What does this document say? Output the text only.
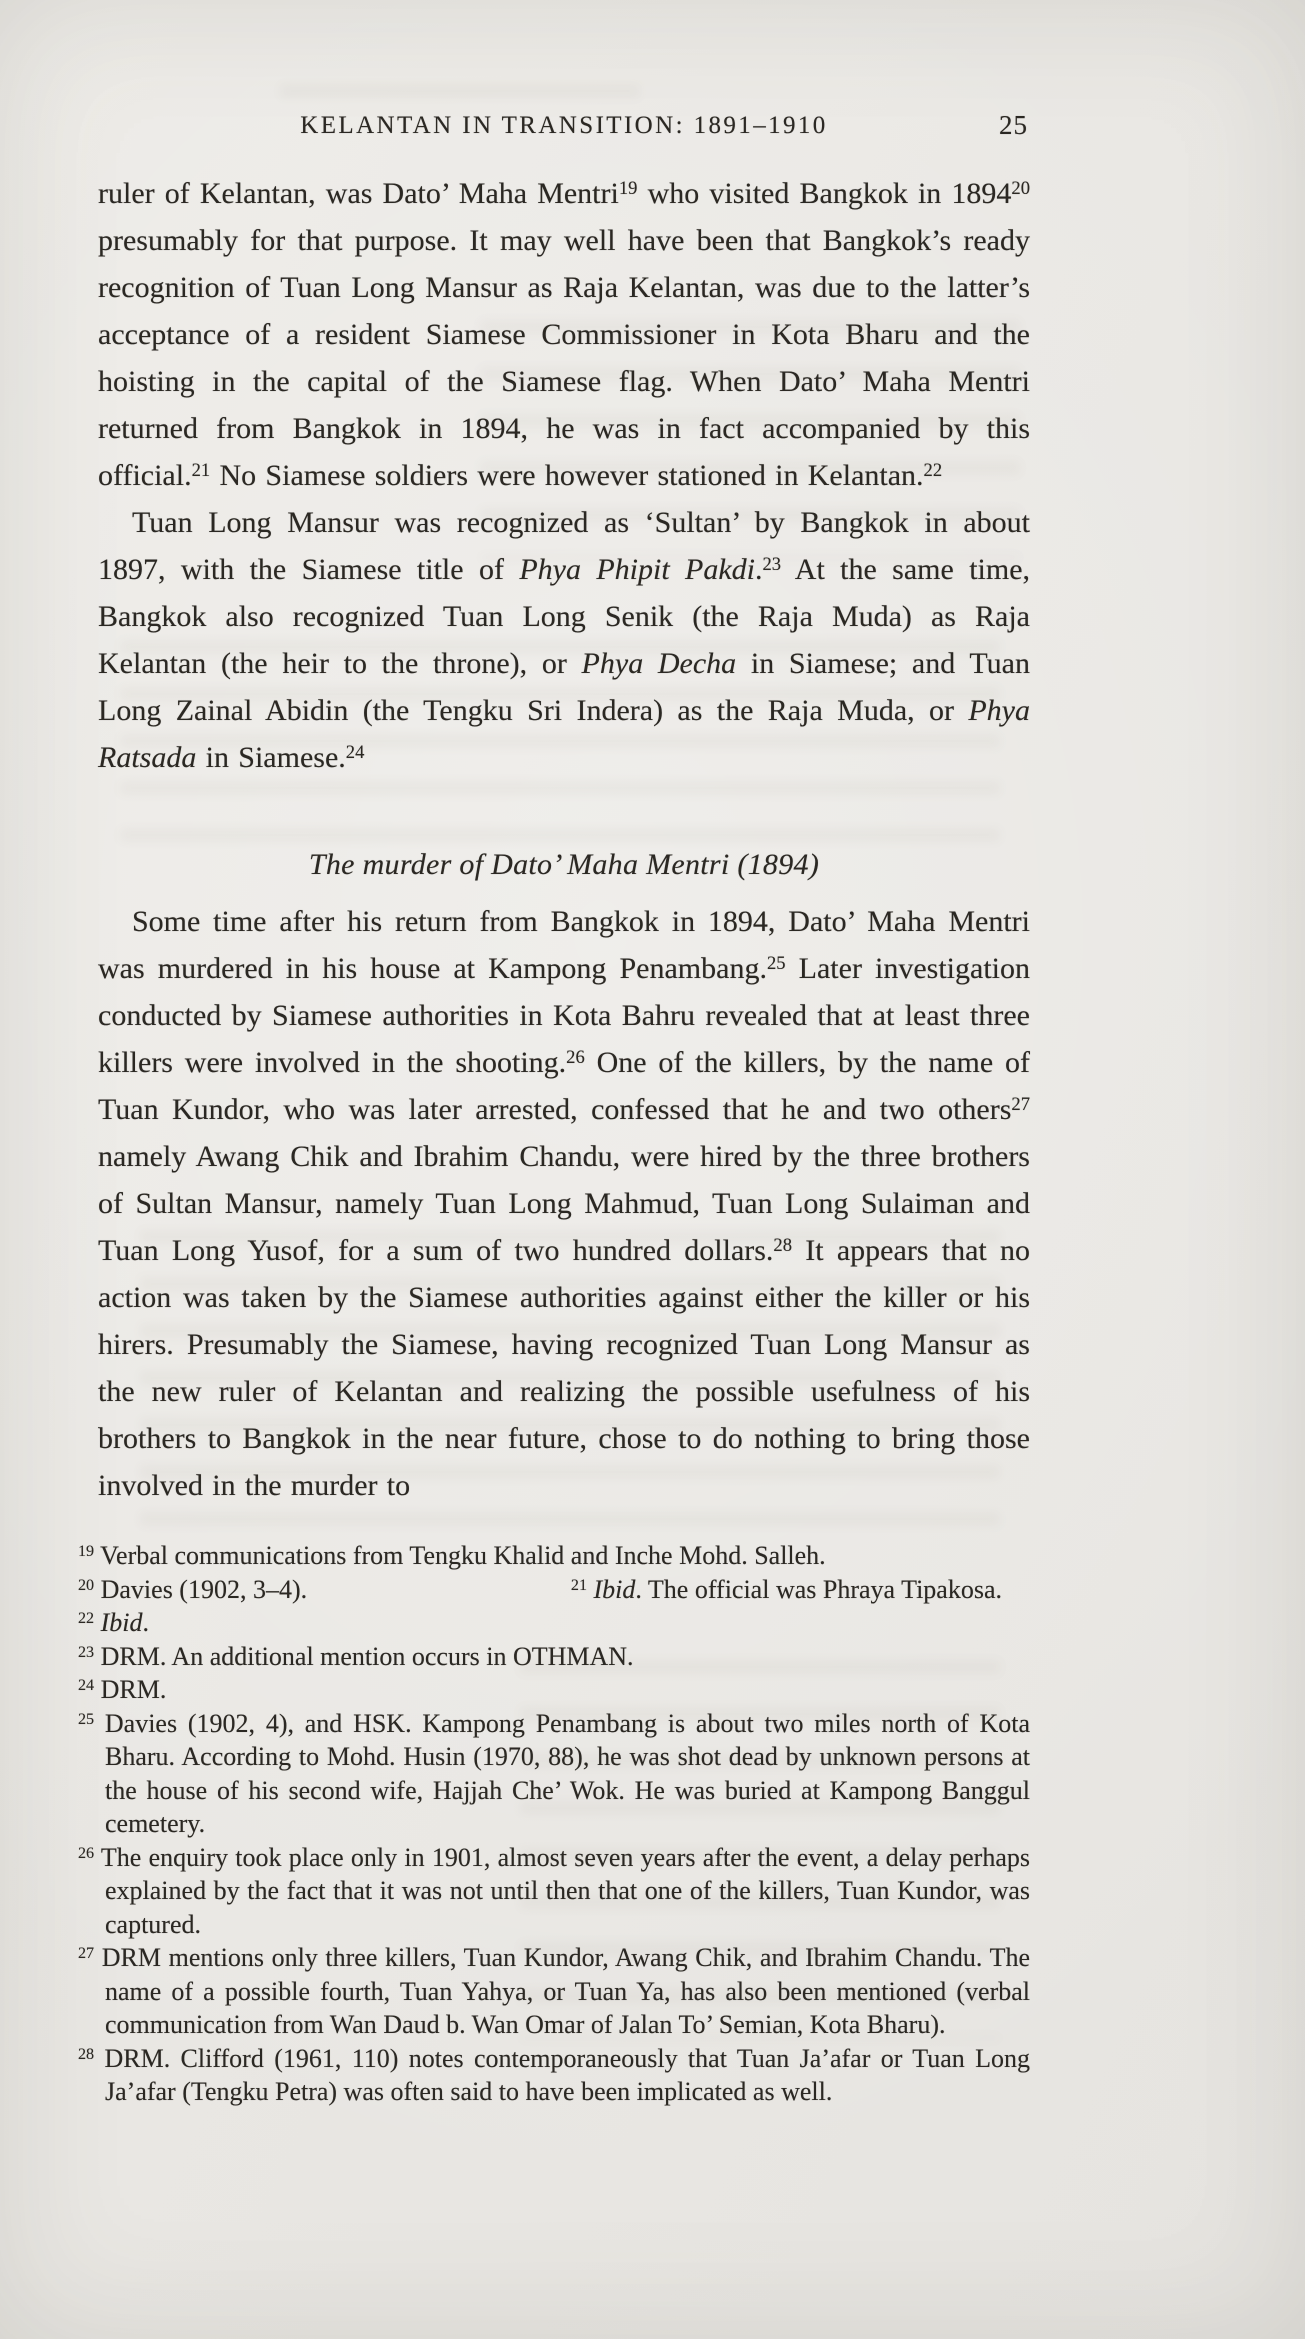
KELANTAN IN TRANSITION: 1891–1910	25

ruler of Kelantan, was Dato’ Maha Mentri$^{19}$ who visited Bangkok in 1894$^{20}$ presumably for that purpose. It may well have been that Bangkok’s ready recognition of Tuan Long Mansur as Raja Kelantan, was due to the latter’s acceptance of a resident Siamese Commissioner in Kota Bharu and the hoisting in the capital of the Siamese flag. When Dato’ Maha Mentri returned from Bangkok in 1894, he was in fact accompanied by this official.$^{21}$ No Siamese soldiers were however stationed in Kelantan.$^{22}$

Tuan Long Mansur was recognized as ‘Sultan’ by Bangkok in about 1897, with the Siamese title of Phya Phipit Pakdi.$^{23}$ At the same time, Bangkok also recognized Tuan Long Senik (the Raja Muda) as Raja Kelantan (the heir to the throne), or Phya Decha in Siamese; and Tuan Long Zainal Abidin (the Tengku Sri Indera) as the Raja Muda, or Phya Ratsada in Siamese.$^{24}$

The murder of Dato’ Maha Mentri (1894)

Some time after his return from Bangkok in 1894, Dato’ Maha Mentri was murdered in his house at Kampong Penambang.$^{25}$ Later investigation conducted by Siamese authorities in Kota Bahru revealed that at least three killers were involved in the shooting.$^{26}$ One of the killers, by the name of Tuan Kundor, who was later arrested, confessed that he and two others$^{27}$ namely Awang Chik and Ibrahim Chandu, were hired by the three brothers of Sultan Mansur, namely Tuan Long Mahmud, Tuan Long Sulaiman and Tuan Long Yusof, for a sum of two hundred dollars.$^{28}$ It appears that no action was taken by the Siamese authorities against either the killer or his hirers. Presumably the Siamese, having recognized Tuan Long Mansur as the new ruler of Kelantan and realizing the possible usefulness of his brothers to Bangkok in the near future, chose to do nothing to bring those involved in the murder to

$^{19}$ Verbal communications from Tengku Khalid and Inche Mohd. Salleh.
$^{20}$ Davies (1902, 3–4).	$^{21}$ Ibid. The official was Phraya Tipakosa.
$^{22}$ Ibid.
$^{23}$ DRM. An additional mention occurs in OTHMAN.
$^{24}$ DRM.
$^{25}$ Davies (1902, 4), and HSK. Kampong Penambang is about two miles north of Kota Bharu. According to Mohd. Husin (1970, 88), he was shot dead by unknown persons at the house of his second wife, Hajjah Che’ Wok. He was buried at Kampong Banggul cemetery.
$^{26}$ The enquiry took place only in 1901, almost seven years after the event, a delay perhaps explained by the fact that it was not until then that one of the killers, Tuan Kundor, was captured.
$^{27}$ DRM mentions only three killers, Tuan Kundor, Awang Chik, and Ibrahim Chandu. The name of a possible fourth, Tuan Yahya, or Tuan Ya, has also been mentioned (verbal communication from Wan Daud b. Wan Omar of Jalan To’ Semian, Kota Bharu).
$^{28}$ DRM. Clifford (1961, 110) notes contemporaneously that Tuan Ja’afar or Tuan Long Ja’afar (Tengku Petra) was often said to have been implicated as well.
